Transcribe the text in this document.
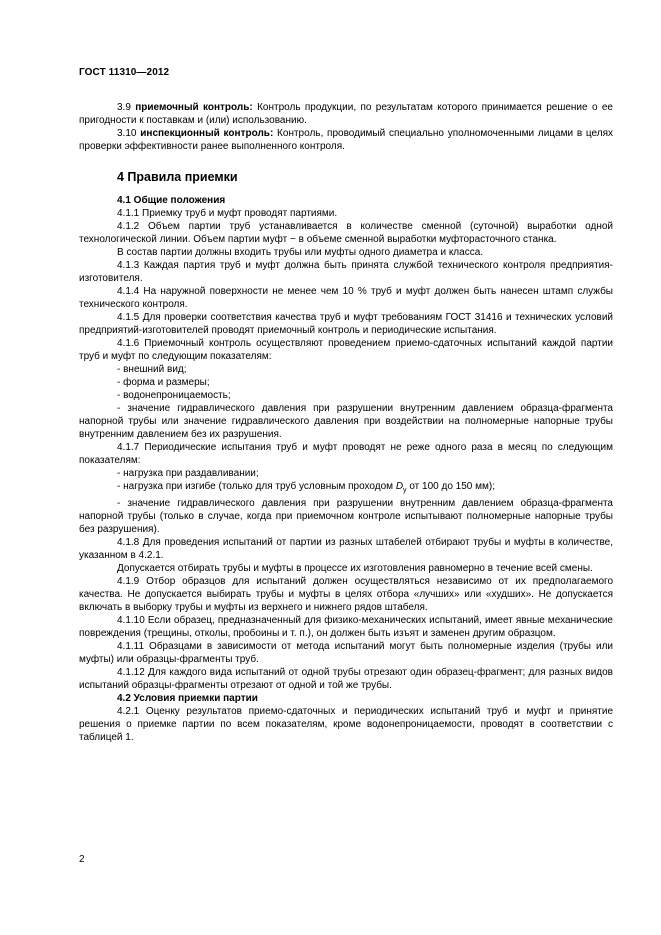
ГОСТ 11310—2012

3.9 приемочный контроль: Контроль продукции, по результатам которого принимается решение о ее пригодности к поставкам и (или) использованию.

3.10 инспекционный контроль: Контроль, проводимый специально уполномоченными лицами в целях проверки эффективности ранее выполненного контроля.

4 Правила приемки
4.1 Общие положения

4.1.1 Приемку труб и муфт проводят партиями.

4.1.2 Объем партии труб устанавливается в количестве сменной (суточной) выработки одной технологической линии. Объем партии муфт − в объеме сменной выработки муфторасточного станка.

В состав партии должны входить трубы или муфты одного диаметра и класса.

4.1.3 Каждая партия труб и муфт должна быть принята службой технического контроля предприятия-изготовителя.

4.1.4 На наружной поверхности не менее чем 10 % труб и муфт должен быть нанесен штамп службы технического контроля.

4.1.5 Для проверки соответствия качества труб и муфт требованиям ГОСТ 31416 и технических условий предприятий-изготовителей проводят приемочный контроль и периодические испытания.

4.1.6 Приемочный контроль осуществляют проведением приемо-сдаточных испытаний каждой партии труб и муфт по следующим показателям:

- внешний вид;

- форма и размеры;

- водонепроницаемость;

- значение гидравлического давления при разрушении внутренним давлением образца-фрагмента напорной трубы или значение гидравлического давления при воздействии на полномерные напорные трубы внутренним давлением без их разрушения.

4.1.7 Периодические испытания труб и муфт проводят не реже одного раза в месяц по следующим показателям:

- нагрузка при раздавливании;

- нагрузка при изгибе (только для труб условным проходом $D_у$ от 100 до 150 мм);

- значение гидравлического давления при разрушении внутренним давлением образца-фрагмента напорной трубы (только в случае, когда при приемочном контроле испытывают полномерные напорные трубы без разрушения).

4.1.8 Для проведения испытаний от партии из разных штабелей отбирают трубы и муфты в количестве, указанном в 4.2.1.

Допускается отбирать трубы и муфты в процессе их изготовления равномерно в течение всей смены.

4.1.9 Отбор образцов для испытаний должен осуществляться независимо от их предполагаемого качества. Не допускается выбирать трубы и муфты в целях отбора «лучших» или «худших». Не допускается включать в выборку трубы и муфты из верхнего и нижнего рядов штабеля.

4.1.10 Если образец, предназначенный для физико-механических испытаний, имеет явные механические повреждения (трещины, отколы, пробоины и т. п.), он должен быть изъят и заменен другим образцом.

4.1.11 Образцами в зависимости от метода испытаний могут быть полномерные изделия (трубы или муфты) или образцы-фрагменты труб.

4.1.12 Для каждого вида испытаний от одной трубы отрезают один образец-фрагмент; для разных видов испытаний образцы-фрагменты отрезают от одной и той же трубы.

4.2 Условия приемки партии

4.2.1 Оценку результатов приемо-сдаточных и периодических испытаний труб и муфт и принятие решения о приемке партии по всем показателям, кроме водонепроницаемости, проводят в соответствии с таблицей 1.

2
